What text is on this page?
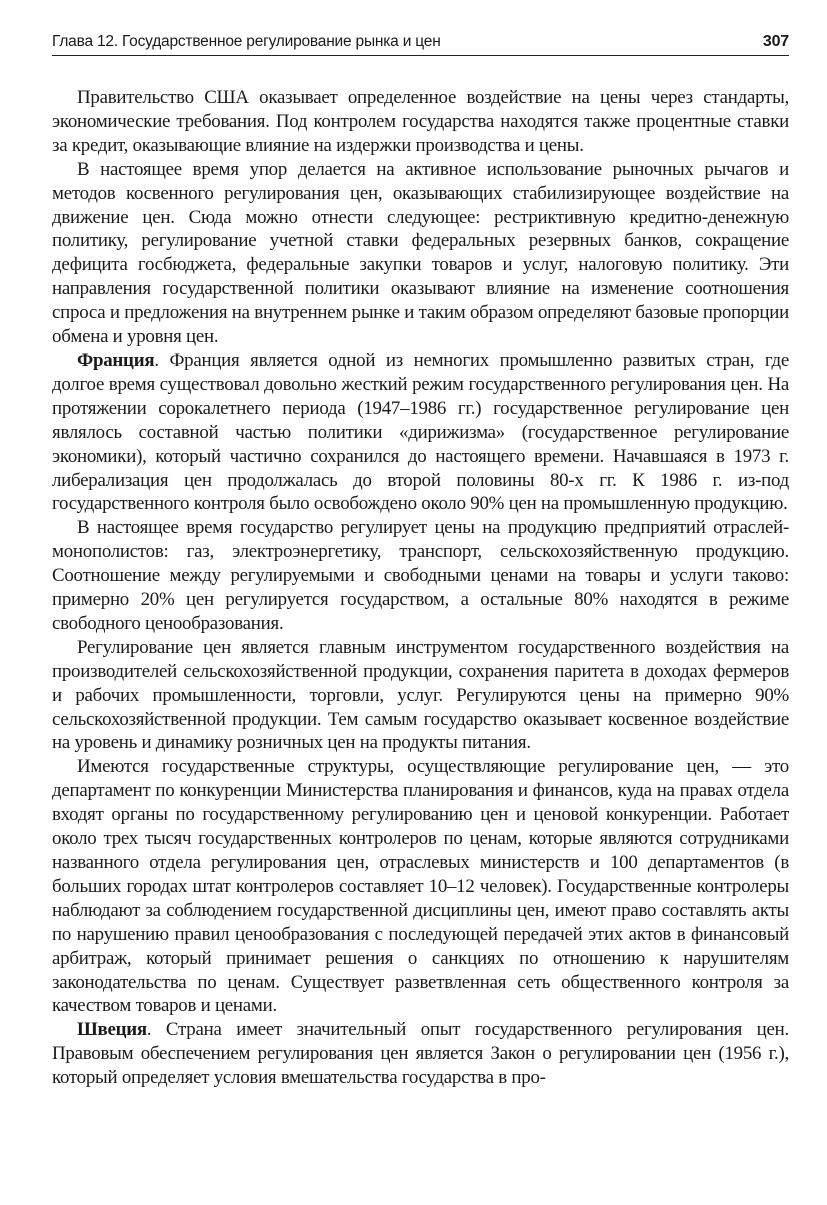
Глава 12. Государственное регулирование рынка и цен	307

Правительство США оказывает определенное воздействие на цены через стандарты, экономические требования. Под контролем государства находятся также процентные ставки за кредит, оказывающие влияние на издержки производства и цены.

В настоящее время упор делается на активное использование рыночных рычагов и методов косвенного регулирования цен, оказывающих стабилизирующее воздействие на движение цен. Сюда можно отнести следующее: рестриктивную кредитно-денежную политику, регулирование учетной ставки федеральных резервных банков, сокращение дефицита госбюджета, федеральные закупки товаров и услуг, налоговую политику. Эти направления государственной политики оказывают влияние на изменение соотношения спроса и предложения на внутреннем рынке и таким образом определяют базовые пропорции обмена и уровня цен.

Франция. Франция является одной из немногих промышленно развитых стран, где долгое время существовал довольно жесткий режим государственного регулирования цен. На протяжении сорокалетнего периода (1947–1986 гг.) государственное регулирование цен являлось составной частью политики «дирижизма» (государственное регулирование экономики), который частично сохранился до настоящего времени. Начавшаяся в 1973 г. либерализация цен продолжалась до второй половины 80-х гг. К 1986 г. из-под государственного контроля было освобождено около 90% цен на промышленную продукцию.

В настоящее время государство регулирует цены на продукцию предприятий отраслей-монополистов: газ, электроэнергетику, транспорт, сельскохозяйственную продукцию. Соотношение между регулируемыми и свободными ценами на товары и услуги таково: примерно 20% цен регулируется государством, а остальные 80% находятся в режиме свободного ценообразования.

Регулирование цен является главным инструментом государственного воздействия на производителей сельскохозяйственной продукции, сохранения паритета в доходах фермеров и рабочих промышленности, торговли, услуг. Регулируются цены на примерно 90% сельскохозяйственной продукции. Тем самым государство оказывает косвенное воздействие на уровень и динамику розничных цен на продукты питания.

Имеются государственные структуры, осуществляющие регулирование цен, — это департамент по конкуренции Министерства планирования и финансов, куда на правах отдела входят органы по государственному регулированию цен и ценовой конкуренции. Работает около трех тысяч государственных контролеров по ценам, которые являются сотрудниками названного отдела регулирования цен, отраслевых министерств и 100 департаментов (в больших городах штат контролеров составляет 10–12 человек). Государственные контролеры наблюдают за соблюдением государственной дисциплины цен, имеют право составлять акты по нарушению правил ценообразования с последующей передачей этих актов в финансовый арбитраж, который принимает решения о санкциях по отношению к нарушителям законодательства по ценам. Существует разветвленная сеть общественного контроля за качеством товаров и ценами.

Швеция. Страна имеет значительный опыт государственного регулирования цен. Правовым обеспечением регулирования цен является Закон о регулировании цен (1956 г.), который определяет условия вмешательства государства в про-
